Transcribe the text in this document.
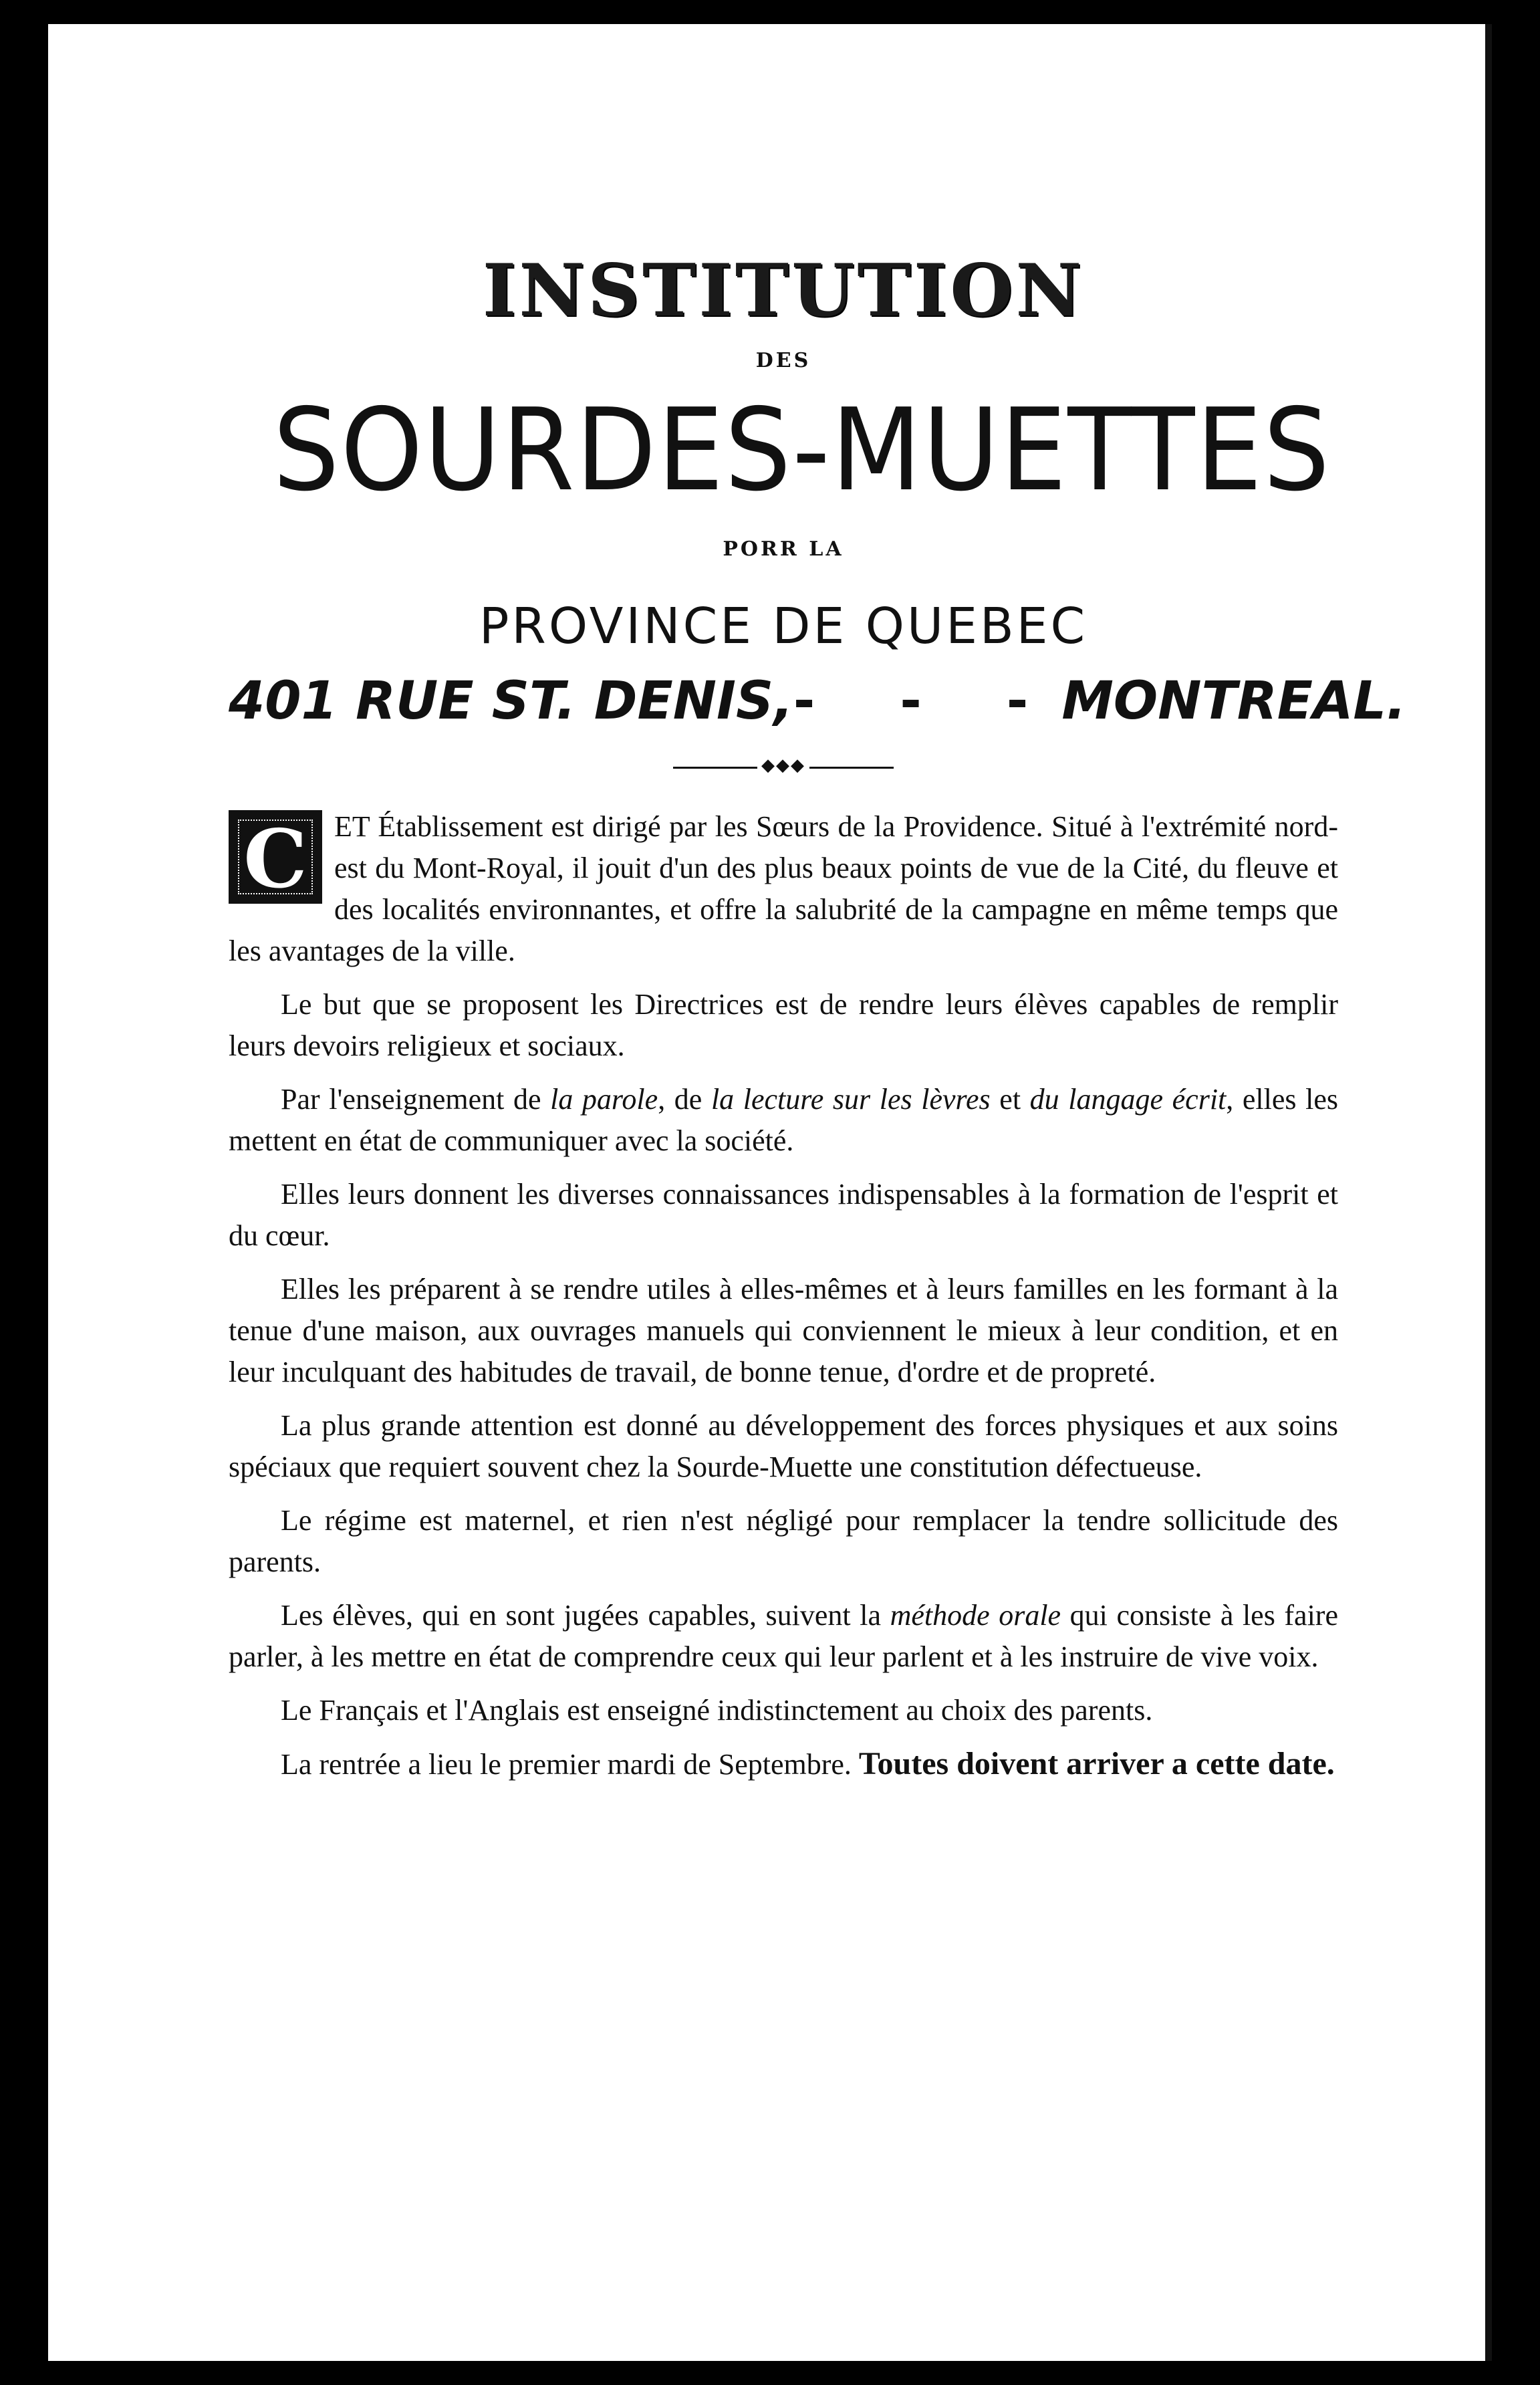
INSTITUTION
DES
SOURDES-MUETTES
PORR LA
PROVINCE DE QUEBEC
401 RUE ST. DENIS, - - - MONTREAL.
◆◆◆

C ET Établissement est dirigé par les Sœurs de la Providence. Situé à l'extrémité nord-est du Mont-Royal, il jouit d'un des plus beaux points de vue de la Cité, du fleuve et des localités environnantes, et offre la salubrité de la campagne en même temps que les avantages de la ville.

Le but que se proposent les Directrices est de rendre leurs élèves capables de remplir leurs devoirs religieux et sociaux.

Par l'enseignement de la parole, de la lecture sur les lèvres et du langage écrit, elles les mettent en état de communiquer avec la société.

Elles leurs donnent les diverses connaissances indispensables à la formation de l'esprit et du cœur.

Elles les préparent à se rendre utiles à elles-mêmes et à leurs familles en les formant à la tenue d'une maison, aux ouvrages manuels qui conviennent le mieux à leur condition, et en leur inculquant des habitudes de travail, de bonne tenue, d'ordre et de propreté.

La plus grande attention est donné au développement des forces physiques et aux soins spéciaux que requiert souvent chez la Sourde-Muette une constitution défectueuse.

Le régime est maternel, et rien n'est négligé pour remplacer la tendre sollicitude des parents.

Les élèves, qui en sont jugées capables, suivent la méthode orale qui consiste à les faire parler, à les mettre en état de comprendre ceux qui leur parlent et à les instruire de vive voix.

Le Français et l'Anglais est enseigné indistinctement au choix des parents.

La rentrée a lieu le premier mardi de Septembre. Toutes doivent arriver a cette date.
